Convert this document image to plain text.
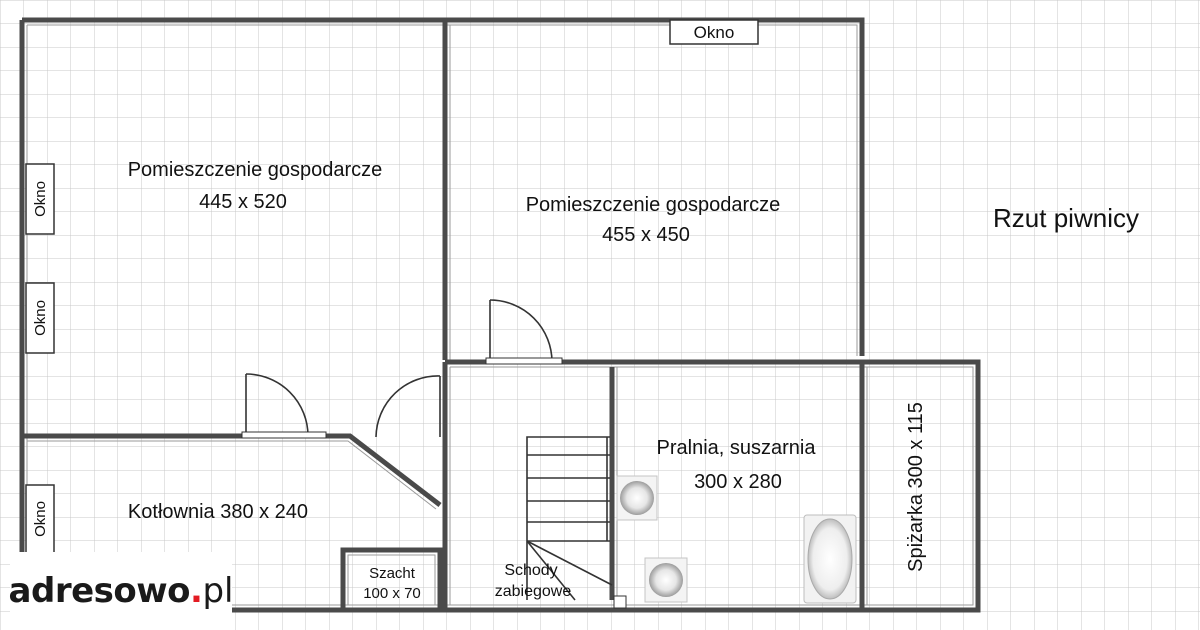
Okno
Okno
Okno
Okno
Pomieszczenie gospodarcze
445 x 520	Pomieszczenie gospodarcze
455 x 450
Rzut piwnicy
Kotłownia 380 x 240
Pralnia, suszarnia
300 x 280	Spiżarka 300 x 115
Szacht
100 x 70
Schody
zabiegowe
adresowo . pl
